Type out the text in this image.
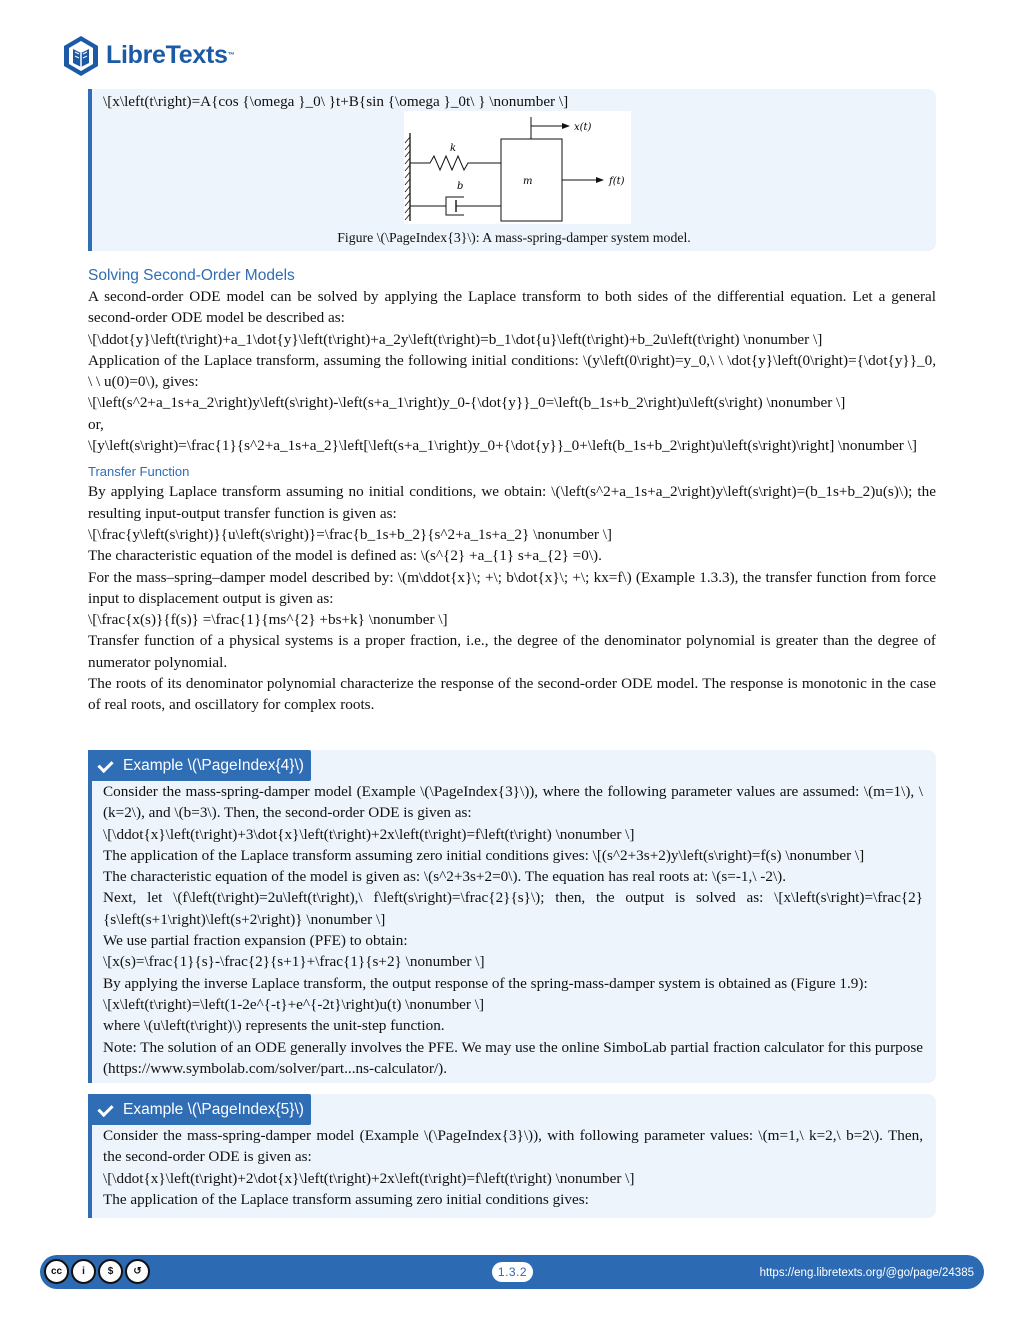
LibreTexts™

\[x\left(t\right)=A{cos {\omega }_0\ }t+B{sin {\omega }_0t\ } \nonumber \]

x(t)
k
b	m	f(t)

Figure \(\PageIndex{3}\): A mass-spring-damper system model.

Solving Second-Order Models

A second-order ODE model can be solved by applying the Laplace transform to both sides of the differential equation. Let a general second-order ODE model be described as:

\[\ddot{y}\left(t\right)+a_1\dot{y}\left(t\right)+a_2y\left(t\right)=b_1\dot{u}\left(t\right)+b_2u\left(t\right) \nonumber \]

Application of the Laplace transform, assuming the following initial conditions: \(y\left(0\right)=y_0,\ \ \dot{y}\left(0\right)={\dot{y}}_0, \ \ u(0)=0\), gives:

\[\left(s^2+a_1s+a_2\right)y\left(s\right)-\left(s+a_1\right)y_0-{\dot{y}}_0=\left(b_1s+b_2\right)u\left(s\right) \nonumber \]

or,

\[y\left(s\right)=\frac{1}{s^2+a_1s+a_2}\left[\left(s+a_1\right)y_0+{\dot{y}}_0+\left(b_1s+b_2\right)u\left(s\right)\right] \nonumber \]

Transfer Function

By applying Laplace transform assuming no initial conditions, we obtain: \(\left(s^2+a_1s+a_2\right)y\left(s\right)=(b_1s+b_2)u(s)\); the resulting input-output transfer function is given as:

\[\frac{y\left(s\right)}{u\left(s\right)}=\frac{b_1s+b_2}{s^2+a_1s+a_2} \nonumber \]

The characteristic equation of the model is defined as: \(s^{2} +a_{1} s+a_{2} =0\).

For the mass–spring–damper model described by: \(m\ddot{x}\; +\; b\dot{x}\; +\; kx=f\) (Example 1.3.3), the transfer function from force input to displacement output is given as:

\[\frac{x(s)}{f(s)} =\frac{1}{ms^{2} +bs+k} \nonumber \]

Transfer function of a physical systems is a proper fraction, i.e., the degree of the denominator polynomial is greater than the degree of numerator polynomial.

The roots of its denominator polynomial characterize the response of the second-order ODE model. The response is monotonic in the case of real roots, and oscillatory for complex roots.

Example \(\PageIndex{4}\)

Consider the mass-spring-damper model (Example \(\PageIndex{3}\)), where the following parameter values are assumed: \(m=1\), \(k=2\), and \(b=3\). Then, the second-order ODE is given as:

\[\ddot{x}\left(t\right)+3\dot{x}\left(t\right)+2x\left(t\right)=f\left(t\right) \nonumber \]

The application of the Laplace transform assuming zero initial conditions gives: \[(s^2+3s+2)y\left(s\right)=f(s) \nonumber \]

The characteristic equation of the model is given as: \(s^2+3s+2=0\). The equation has real roots at: \(s=-1,\ -2\).

Next, let \(f\left(t\right)=2u\left(t\right),\ f\left(s\right)=\frac{2}{s}\); then, the output is solved as: \[x\left(s\right)=\frac{2}{s\left(s+1\right)\left(s+2\right)} \nonumber \]

We use partial fraction expansion (PFE) to obtain:

\[x(s)=\frac{1}{s}-\frac{2}{s+1}+\frac{1}{s+2} \nonumber \]

By applying the inverse Laplace transform, the output response of the spring-mass-damper system is obtained as (Figure 1.9):

\[x\left(t\right)=\left(1-2e^{-t}+e^{-2t}\right)u(t) \nonumber \]

where \(u\left(t\right)\) represents the unit-step function.

Note: The solution of an ODE generally involves the PFE. We may use the online SimboLab partial fraction calculator for this purpose (https://www.symbolab.com/solver/part...ns-calculator/).

Example \(\PageIndex{5}\)

Consider the mass-spring-damper model (Example \(\PageIndex{3}\)), with following parameter values: \(m=1,\ k=2,\ b=2\). Then, the second-order ODE is given as:

\[\ddot{x}\left(t\right)+2\dot{x}\left(t\right)+2x\left(t\right)=f\left(t\right) \nonumber \]

The application of the Laplace transform assuming zero initial conditions gives:

cc	i	$	↺	1.3.2	https://eng.libretexts.org/@go/page/24385
